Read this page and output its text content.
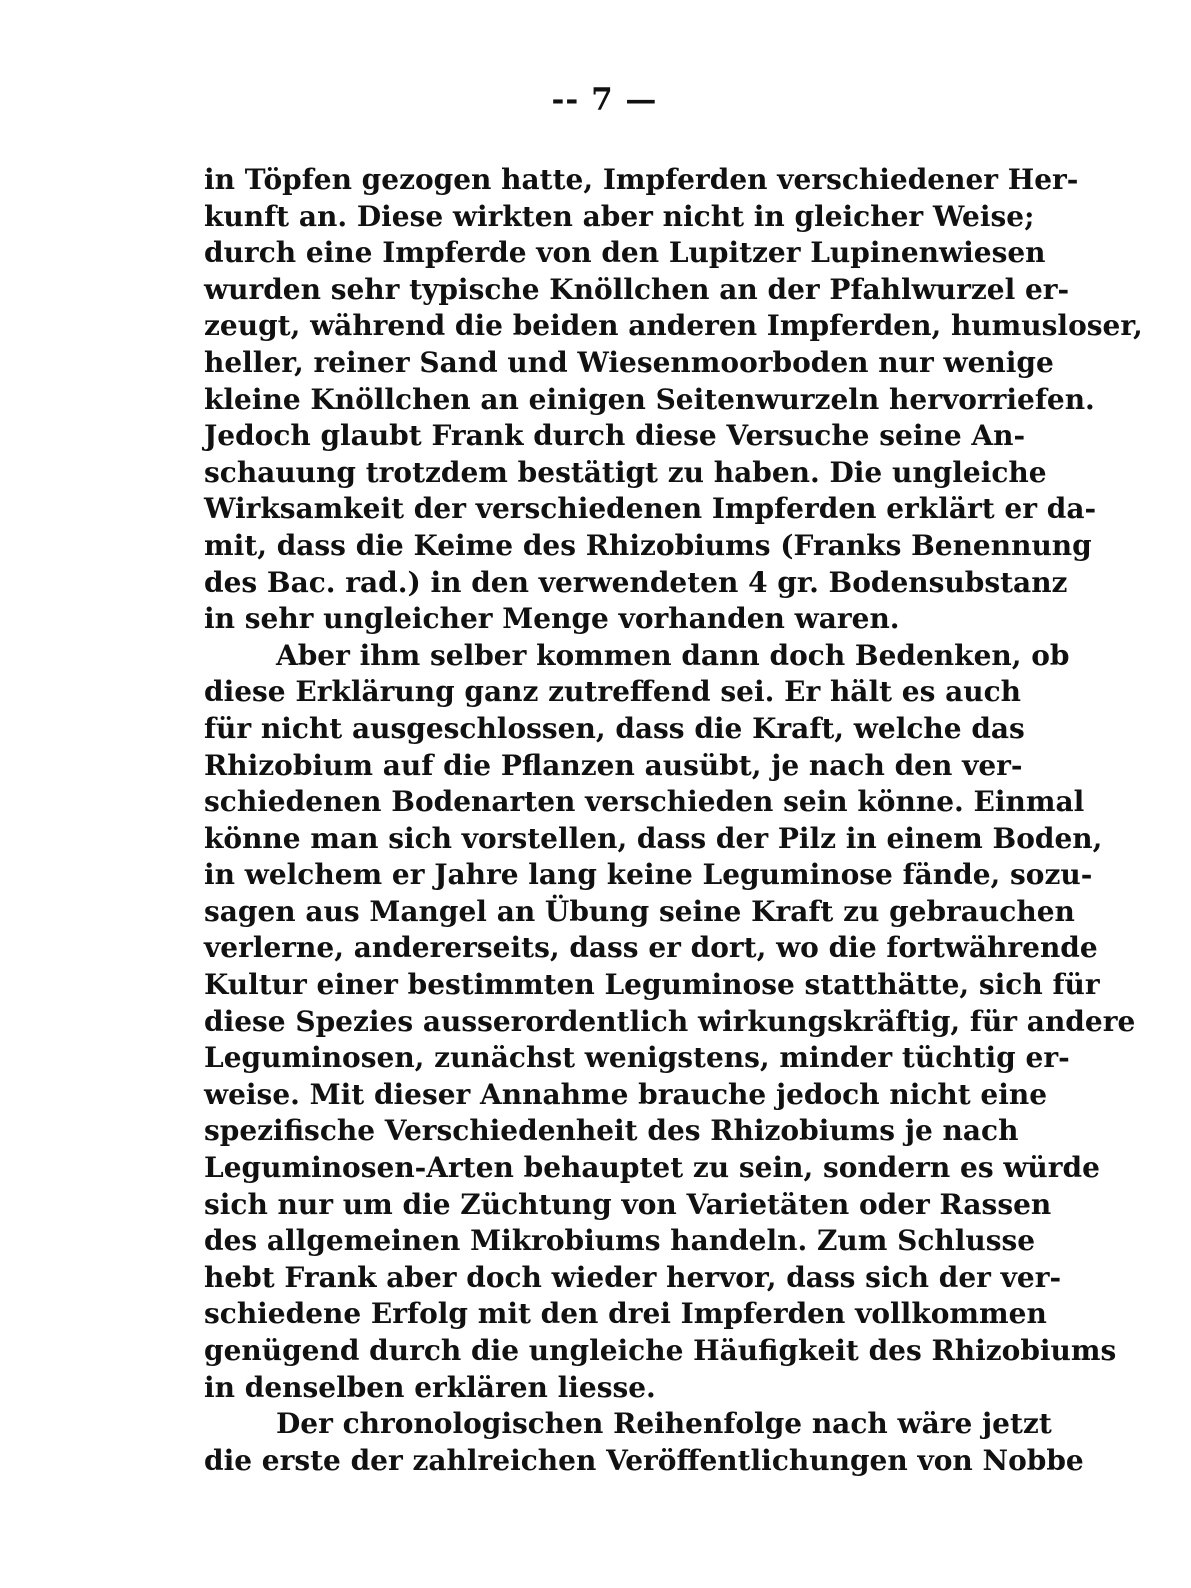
-- 7 —
in Töpfen gezogen hatte, Impferden verschiedener Her-
kunft an. Diese wirkten aber nicht in gleicher Weise;
durch eine Impferde von den Lupitzer Lupinenwiesen
wurden sehr typische Knöllchen an der Pfahlwurzel er-
zeugt, während die beiden anderen Impferden, humusloser,
heller, reiner Sand und Wiesenmoorboden nur wenige
kleine Knöllchen an einigen Seitenwurzeln hervorriefen.
Jedoch glaubt Frank durch diese Versuche seine An-
schauung trotzdem bestätigt zu haben. Die ungleiche
Wirksamkeit der verschiedenen Impferden erklärt er da-
mit, dass die Keime des Rhizobiums (Franks Benennung
des Bac. rad.) in den verwendeten 4 gr. Bodensubstanz
in sehr ungleicher Menge vorhanden waren.
Aber ihm selber kommen dann doch Bedenken, ob
diese Erklärung ganz zutreffend sei. Er hält es auch
für nicht ausgeschlossen, dass die Kraft, welche das
Rhizobium auf die Pflanzen ausübt, je nach den ver-
schiedenen Bodenarten verschieden sein könne. Einmal
könne man sich vorstellen, dass der Pilz in einem Boden,
in welchem er Jahre lang keine Leguminose fände, sozu-
sagen aus Mangel an Übung seine Kraft zu gebrauchen
verlerne, andererseits, dass er dort, wo die fortwährende
Kultur einer bestimmten Leguminose statthätte, sich für
diese Spezies ausserordentlich wirkungskräftig, für andere
Leguminosen, zunächst wenigstens, minder tüchtig er-
weise. Mit dieser Annahme brauche jedoch nicht eine
spezifische Verschiedenheit des Rhizobiums je nach
Leguminosen-Arten behauptet zu sein, sondern es würde
sich nur um die Züchtung von Varietäten oder Rassen
des allgemeinen Mikrobiums handeln. Zum Schlusse
hebt Frank aber doch wieder hervor, dass sich der ver-
schiedene Erfolg mit den drei Impferden vollkommen
genügend durch die ungleiche Häufigkeit des Rhizobiums
in denselben erklären liesse.
Der chronologischen Reihenfolge nach wäre jetzt
die erste der zahlreichen Veröffentlichungen von Nobbe
